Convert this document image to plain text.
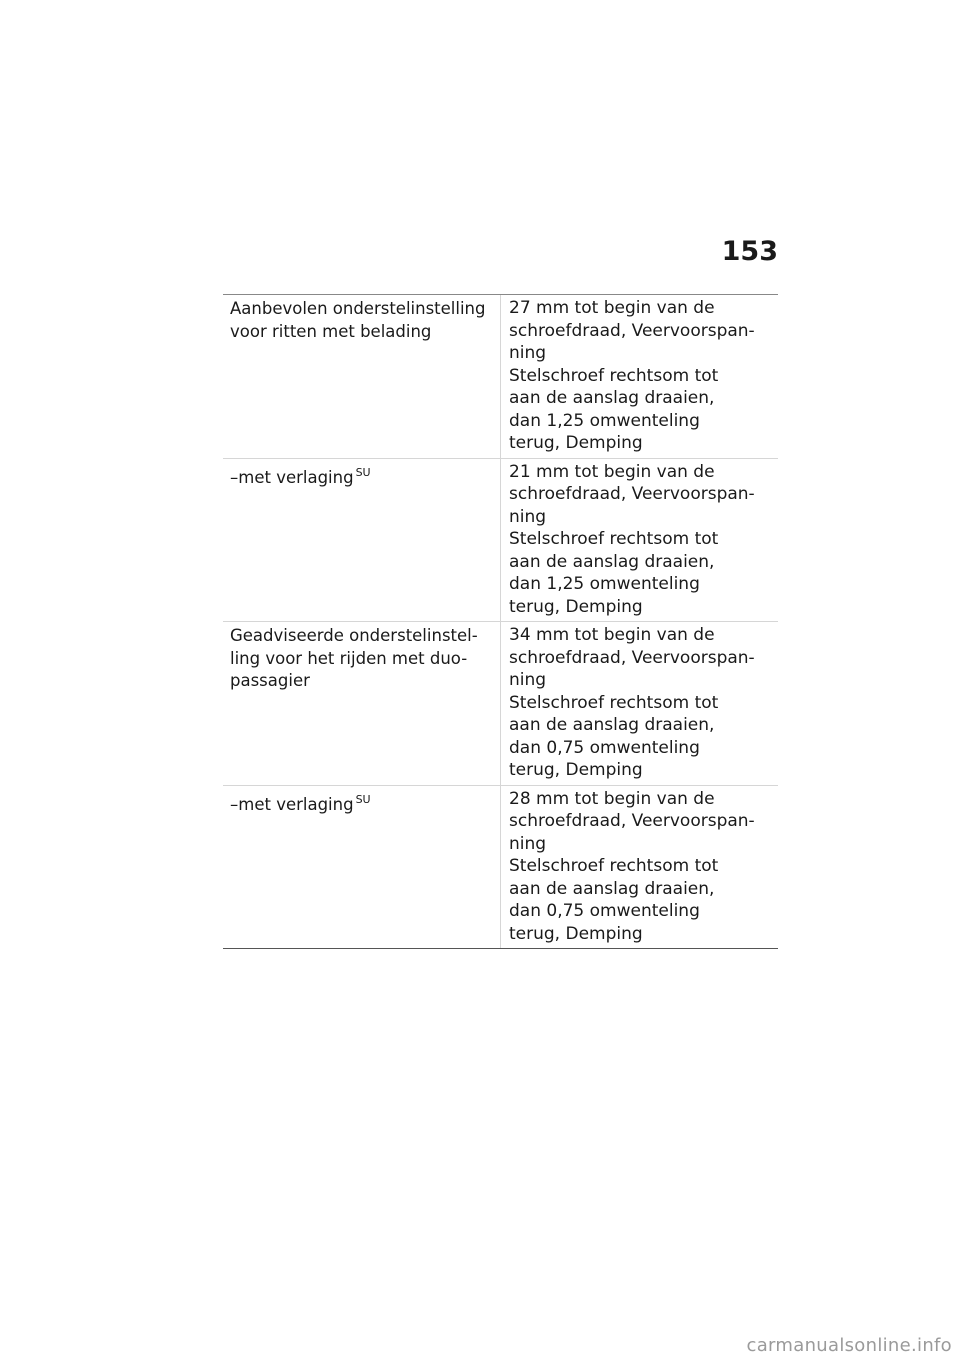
153
Aanbevolen onderstelinstelling
voor ritten met belading
27 mm tot begin van de
schroefdraad, Veervoorspan-
ning
Stelschroef rechtsom tot
aan de aanslag draaien,
dan 1,25 omwenteling
terug, Demping
–met verlaging $^{SU}$	21 mm tot begin van de
schroefdraad, Veervoorspan-
ning
Stelschroef rechtsom tot
aan de aanslag draaien,
dan 1,25 omwenteling
terug, Demping
Geadviseerde onderstelinstel-
ling voor het rijden met duo-
passagier
34 mm tot begin van de
schroefdraad, Veervoorspan-
ning
Stelschroef rechtsom tot
aan de aanslag draaien,
dan 0,75 omwenteling
terug, Demping
–met verlaging $^{SU}$	28 mm tot begin van de
schroefdraad, Veervoorspan-
ning
Stelschroef rechtsom tot
aan de aanslag draaien,
dan 0,75 omwenteling
terug, Demping
carmanualsonline.info
